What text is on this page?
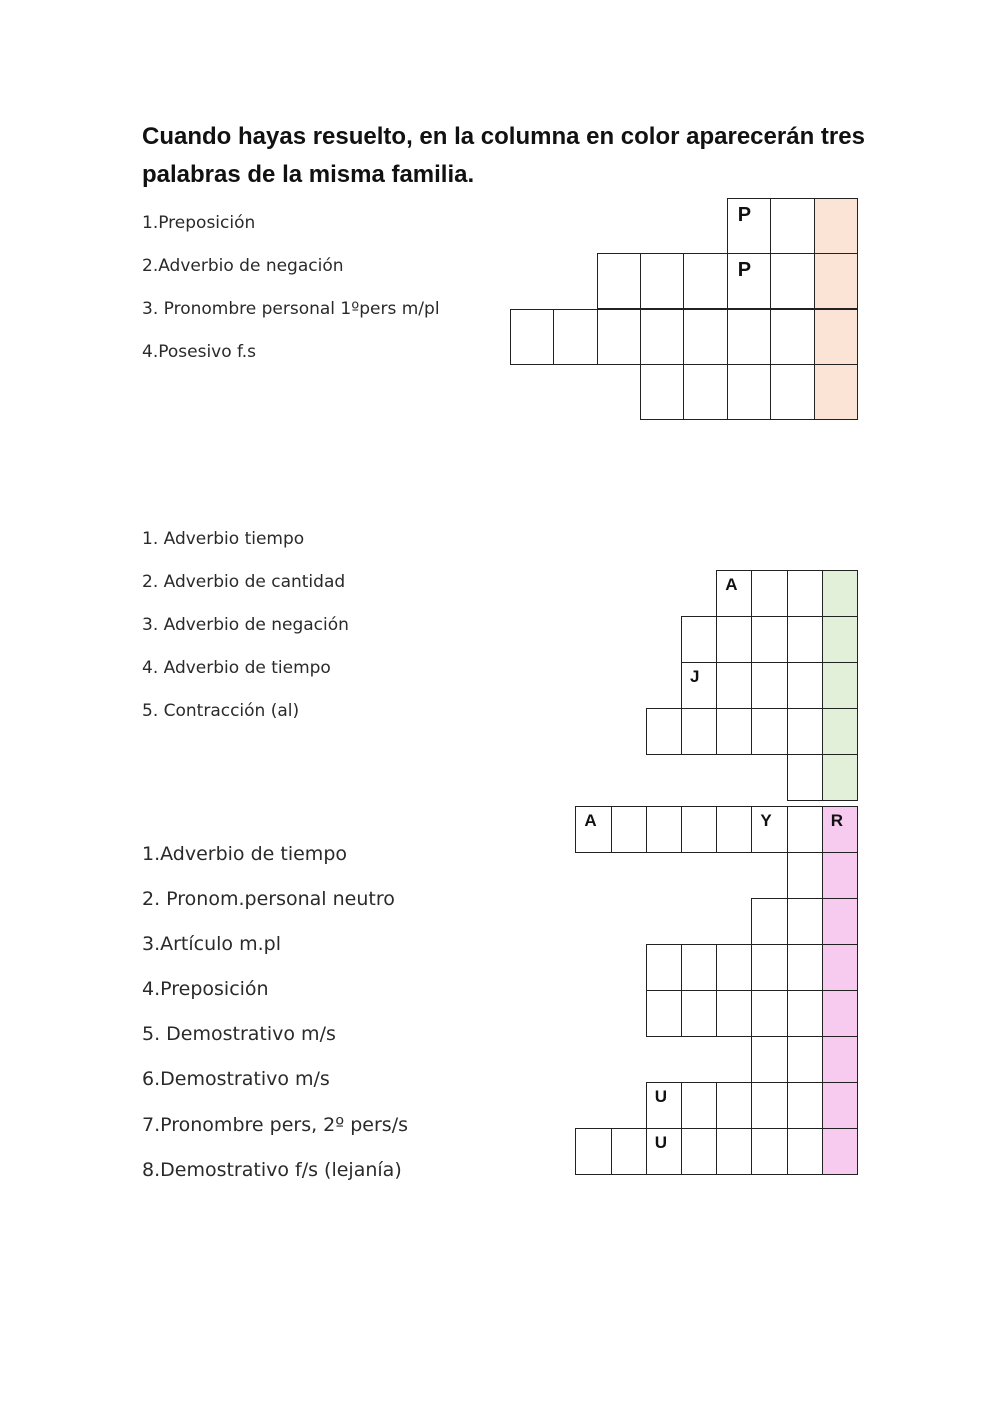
Cuando hayas resuelto, en la columna en color aparecerán tres palabras de la misma familia.
1.Preposición
2.Adverbio de negación
3. Pronombre personal 1ºpers m/pl
4.Posesivo f.s
1. Adverbio tiempo
2. Adverbio de cantidad
3. Adverbio de negación
4. Adverbio de tiempo
5. Contracción (al)
1.Adverbio de tiempo
2. Pronom.personal neutro
3.Artículo m.pl
4.Preposición
5. Demostrativo m/s
6.Demostrativo m/s
7.Pronombre pers, 2º pers/s
8.Demostrativo f/s (lejanía)
P
P
A
J
A	Y	R
U
U
